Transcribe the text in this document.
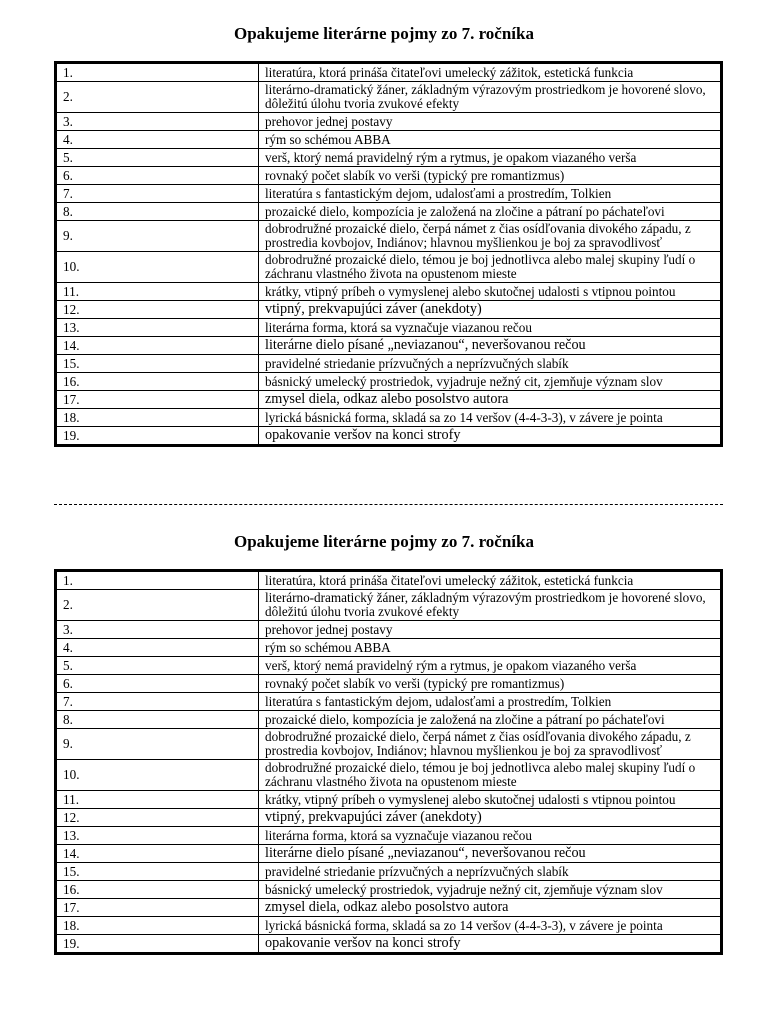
Opakujeme literárne pojmy zo 7. ročníka
1.	literatúra, ktorá prináša čitateľovi umelecký zážitok, estetická funkcia
2.	literárno-dramatický žáner, základným výrazovým prostriedkom je hovorené slovo, dôležitú úlohu tvoria zvukové efekty
3.	prehovor jednej postavy
4.	rým so schémou ABBA
5.	verš, ktorý nemá pravidelný rým a rytmus, je opakom viazaného verša
6.	rovnaký počet slabík vo verši (typický pre romantizmus)
7.	literatúra s fantastickým dejom, udalosťami a prostredím, Tolkien
8.	prozaické dielo, kompozícia je založená na zločine a pátraní po páchateľovi
9.	dobrodružné prozaické dielo, čerpá námet z čias osídľovania divokého západu, z prostredia kovbojov, Indiánov; hlavnou myšlienkou je boj za spravodlivosť
10.	dobrodružné prozaické dielo, témou je boj jednotlivca alebo malej skupiny ľudí o záchranu vlastného života na opustenom mieste
11.	krátky, vtipný príbeh o vymyslenej alebo skutočnej udalosti s vtipnou pointou
12.	vtipný, prekvapujúci záver (anekdoty)
13.	literárna forma, ktorá sa vyznačuje viazanou rečou
14.	literárne dielo písané „neviazanou“, neveršovanou rečou
15.	pravidelné striedanie prízvučných a neprízvučných slabík
16.	básnický umelecký prostriedok, vyjadruje nežný cit, zjemňuje význam slov
17.	zmysel diela, odkaz alebo posolstvo autora
18.	lyrická básnická forma, skladá sa zo 14 veršov (4-4-3-3), v závere je pointa
19.	opakovanie veršov na konci strofy
Opakujeme literárne pojmy zo 7. ročníka
1.	literatúra, ktorá prináša čitateľovi umelecký zážitok, estetická funkcia
2.	literárno-dramatický žáner, základným výrazovým prostriedkom je hovorené slovo, dôležitú úlohu tvoria zvukové efekty
3.	prehovor jednej postavy
4.	rým so schémou ABBA
5.	verš, ktorý nemá pravidelný rým a rytmus, je opakom viazaného verša
6.	rovnaký počet slabík vo verši (typický pre romantizmus)
7.	literatúra s fantastickým dejom, udalosťami a prostredím, Tolkien
8.	prozaické dielo, kompozícia je založená na zločine a pátraní po páchateľovi
9.	dobrodružné prozaické dielo, čerpá námet z čias osídľovania divokého západu, z prostredia kovbojov, Indiánov; hlavnou myšlienkou je boj za spravodlivosť
10.	dobrodružné prozaické dielo, témou je boj jednotlivca alebo malej skupiny ľudí o záchranu vlastného života na opustenom mieste
11.	krátky, vtipný príbeh o vymyslenej alebo skutočnej udalosti s vtipnou pointou
12.	vtipný, prekvapujúci záver (anekdoty)
13.	literárna forma, ktorá sa vyznačuje viazanou rečou
14.	literárne dielo písané „neviazanou“, neveršovanou rečou
15.	pravidelné striedanie prízvučných a neprízvučných slabík
16.	básnický umelecký prostriedok, vyjadruje nežný cit, zjemňuje význam slov
17.	zmysel diela, odkaz alebo posolstvo autora
18.	lyrická básnická forma, skladá sa zo 14 veršov (4-4-3-3), v závere je pointa
19.	opakovanie veršov na konci strofy
